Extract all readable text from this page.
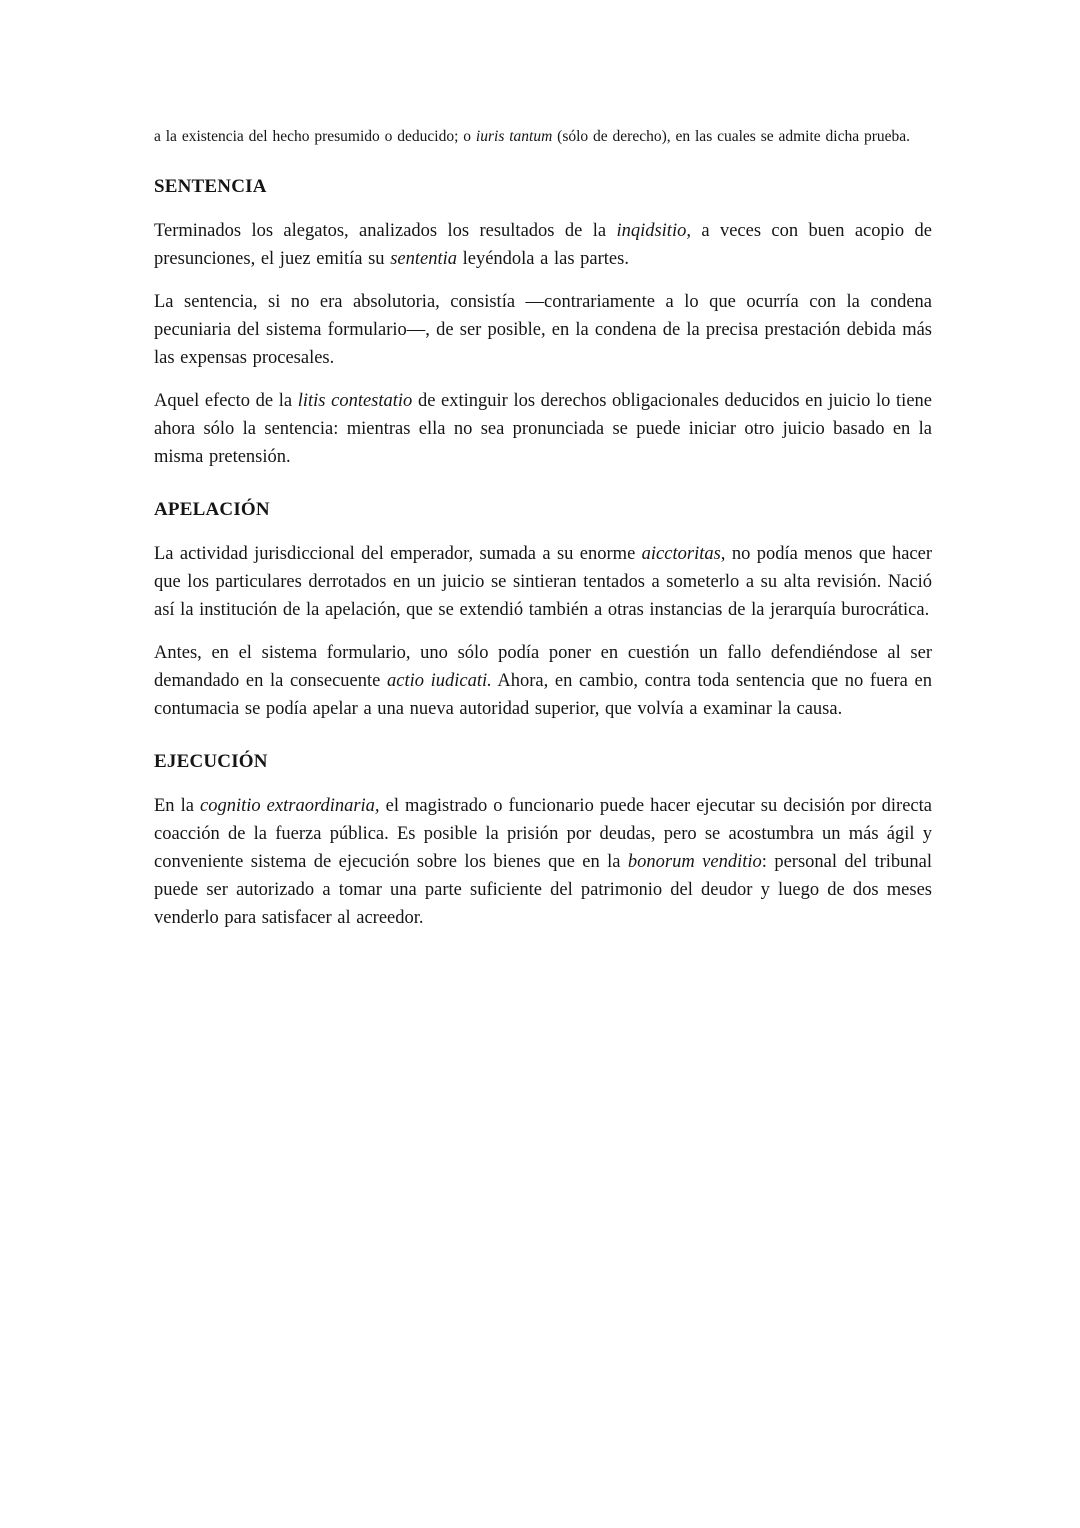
a la existencia del hecho presumido o deducido; o iuris tantum (sólo de derecho), en las cuales se admite dicha prueba.

SENTENCIA

Terminados los alegatos, analizados los resultados de la inqidsitio, a veces con buen acopio de presunciones, el juez emitía su sententia leyéndola a las partes.

La sentencia, si no era absolutoria, consistía —contrariamente a lo que ocurría con la condena pecuniaria del sistema formulario—, de ser posible, en la condena de la precisa prestación debida más las expensas procesales.

Aquel efecto de la litis contestatio de extinguir los derechos obligacionales deducidos en juicio lo tiene ahora sólo la sentencia: mientras ella no sea pronunciada se puede iniciar otro juicio basado en la misma pretensión.

APELACIÓN

La actividad jurisdiccional del emperador, sumada a su enorme aicctoritas, no podía menos que hacer que los particulares derrotados en un juicio se sintieran tentados a someterlo a su alta revisión. Nació así la institución de la apelación, que se extendió también a otras instancias de la jerarquía burocrática.

Antes, en el sistema formulario, uno sólo podía poner en cuestión un fallo defendiéndose al ser demandado en la consecuente actio iudicati. Ahora, en cambio, contra toda sentencia que no fuera en contumacia se podía apelar a una nueva autoridad superior, que volvía a examinar la causa.

EJECUCIÓN

En la cognitio extraordinaria, el magistrado o funcionario puede hacer ejecutar su decisión por directa coacción de la fuerza pública. Es posible la prisión por deudas, pero se acostumbra un más ágil y conveniente sistema de ejecución sobre los bienes que en la bonorum venditio: personal del tribunal puede ser autorizado a tomar una parte suficiente del patrimonio del deudor y luego de dos meses venderlo para satisfacer al acreedor.
